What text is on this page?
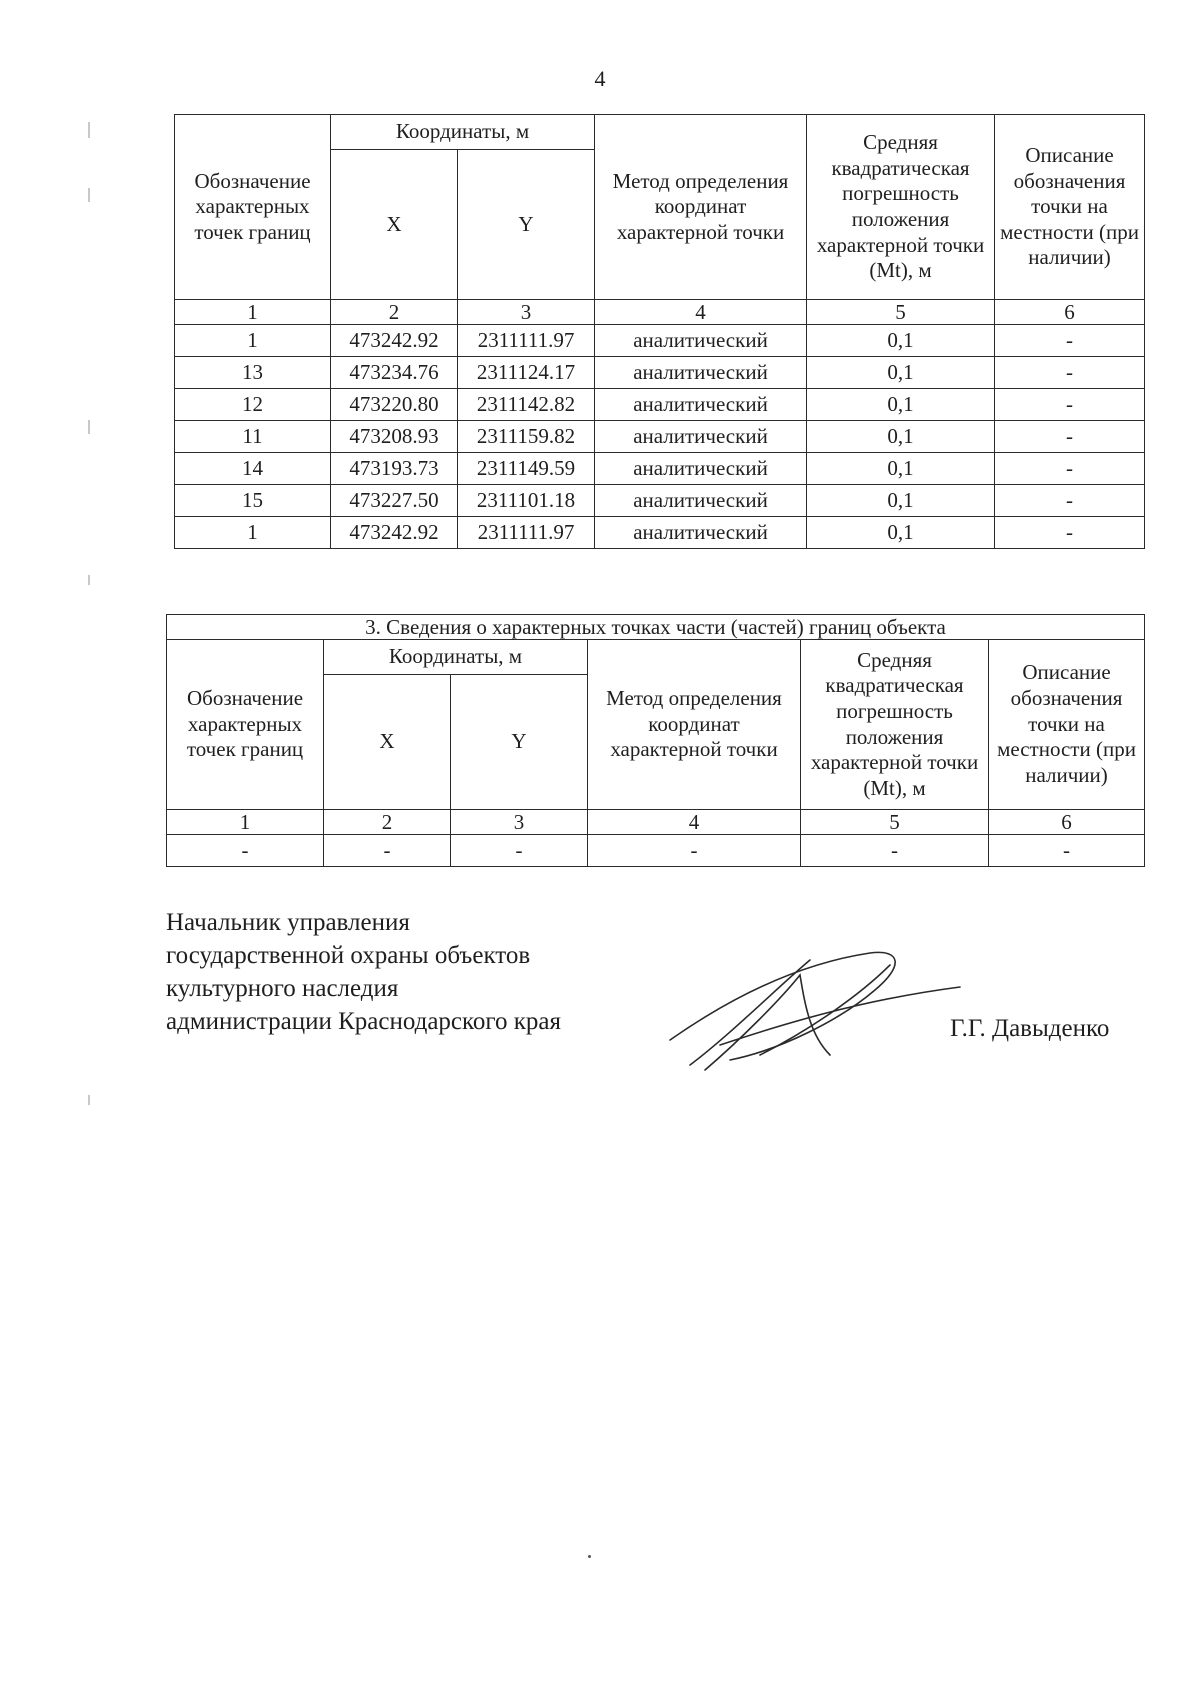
4
Обозначение характерных точек границ	Координаты, м		Метод определения координат характерной точки	Средняя квадратическая погрешность положения характерной точки (Mt), м	Описание обозначения точки на местности (при наличии)
	X	Y			
1	2	3	4	5	6
1	473242.92	2311111.97	аналитический	0,1	-
13	473234.76	2311124.17	аналитический	0,1	-
12	473220.80	2311142.82	аналитический	0,1	-
11	473208.93	2311159.82	аналитический	0,1	-
14	473193.73	2311149.59	аналитический	0,1	-
15	473227.50	2311101.18	аналитический	0,1	-
1	473242.92	2311111.97	аналитический	0,1	-
3. Сведения о характерных точках части (частей) границ объекта					
Обозначение характерных точек границ	Координаты, м		Метод определения координат характерной точки	Средняя квадратическая погрешность положения характерной точки (Mt), м	Описание обозначения точки на местности (при наличии)
	X	Y			
1	2	3	4	5	6
-	-	-	-	-	-
Начальник управления
государственной охраны объектов
культурного наследия
администрации Краснодарского края	Г.Г. Давыденко
